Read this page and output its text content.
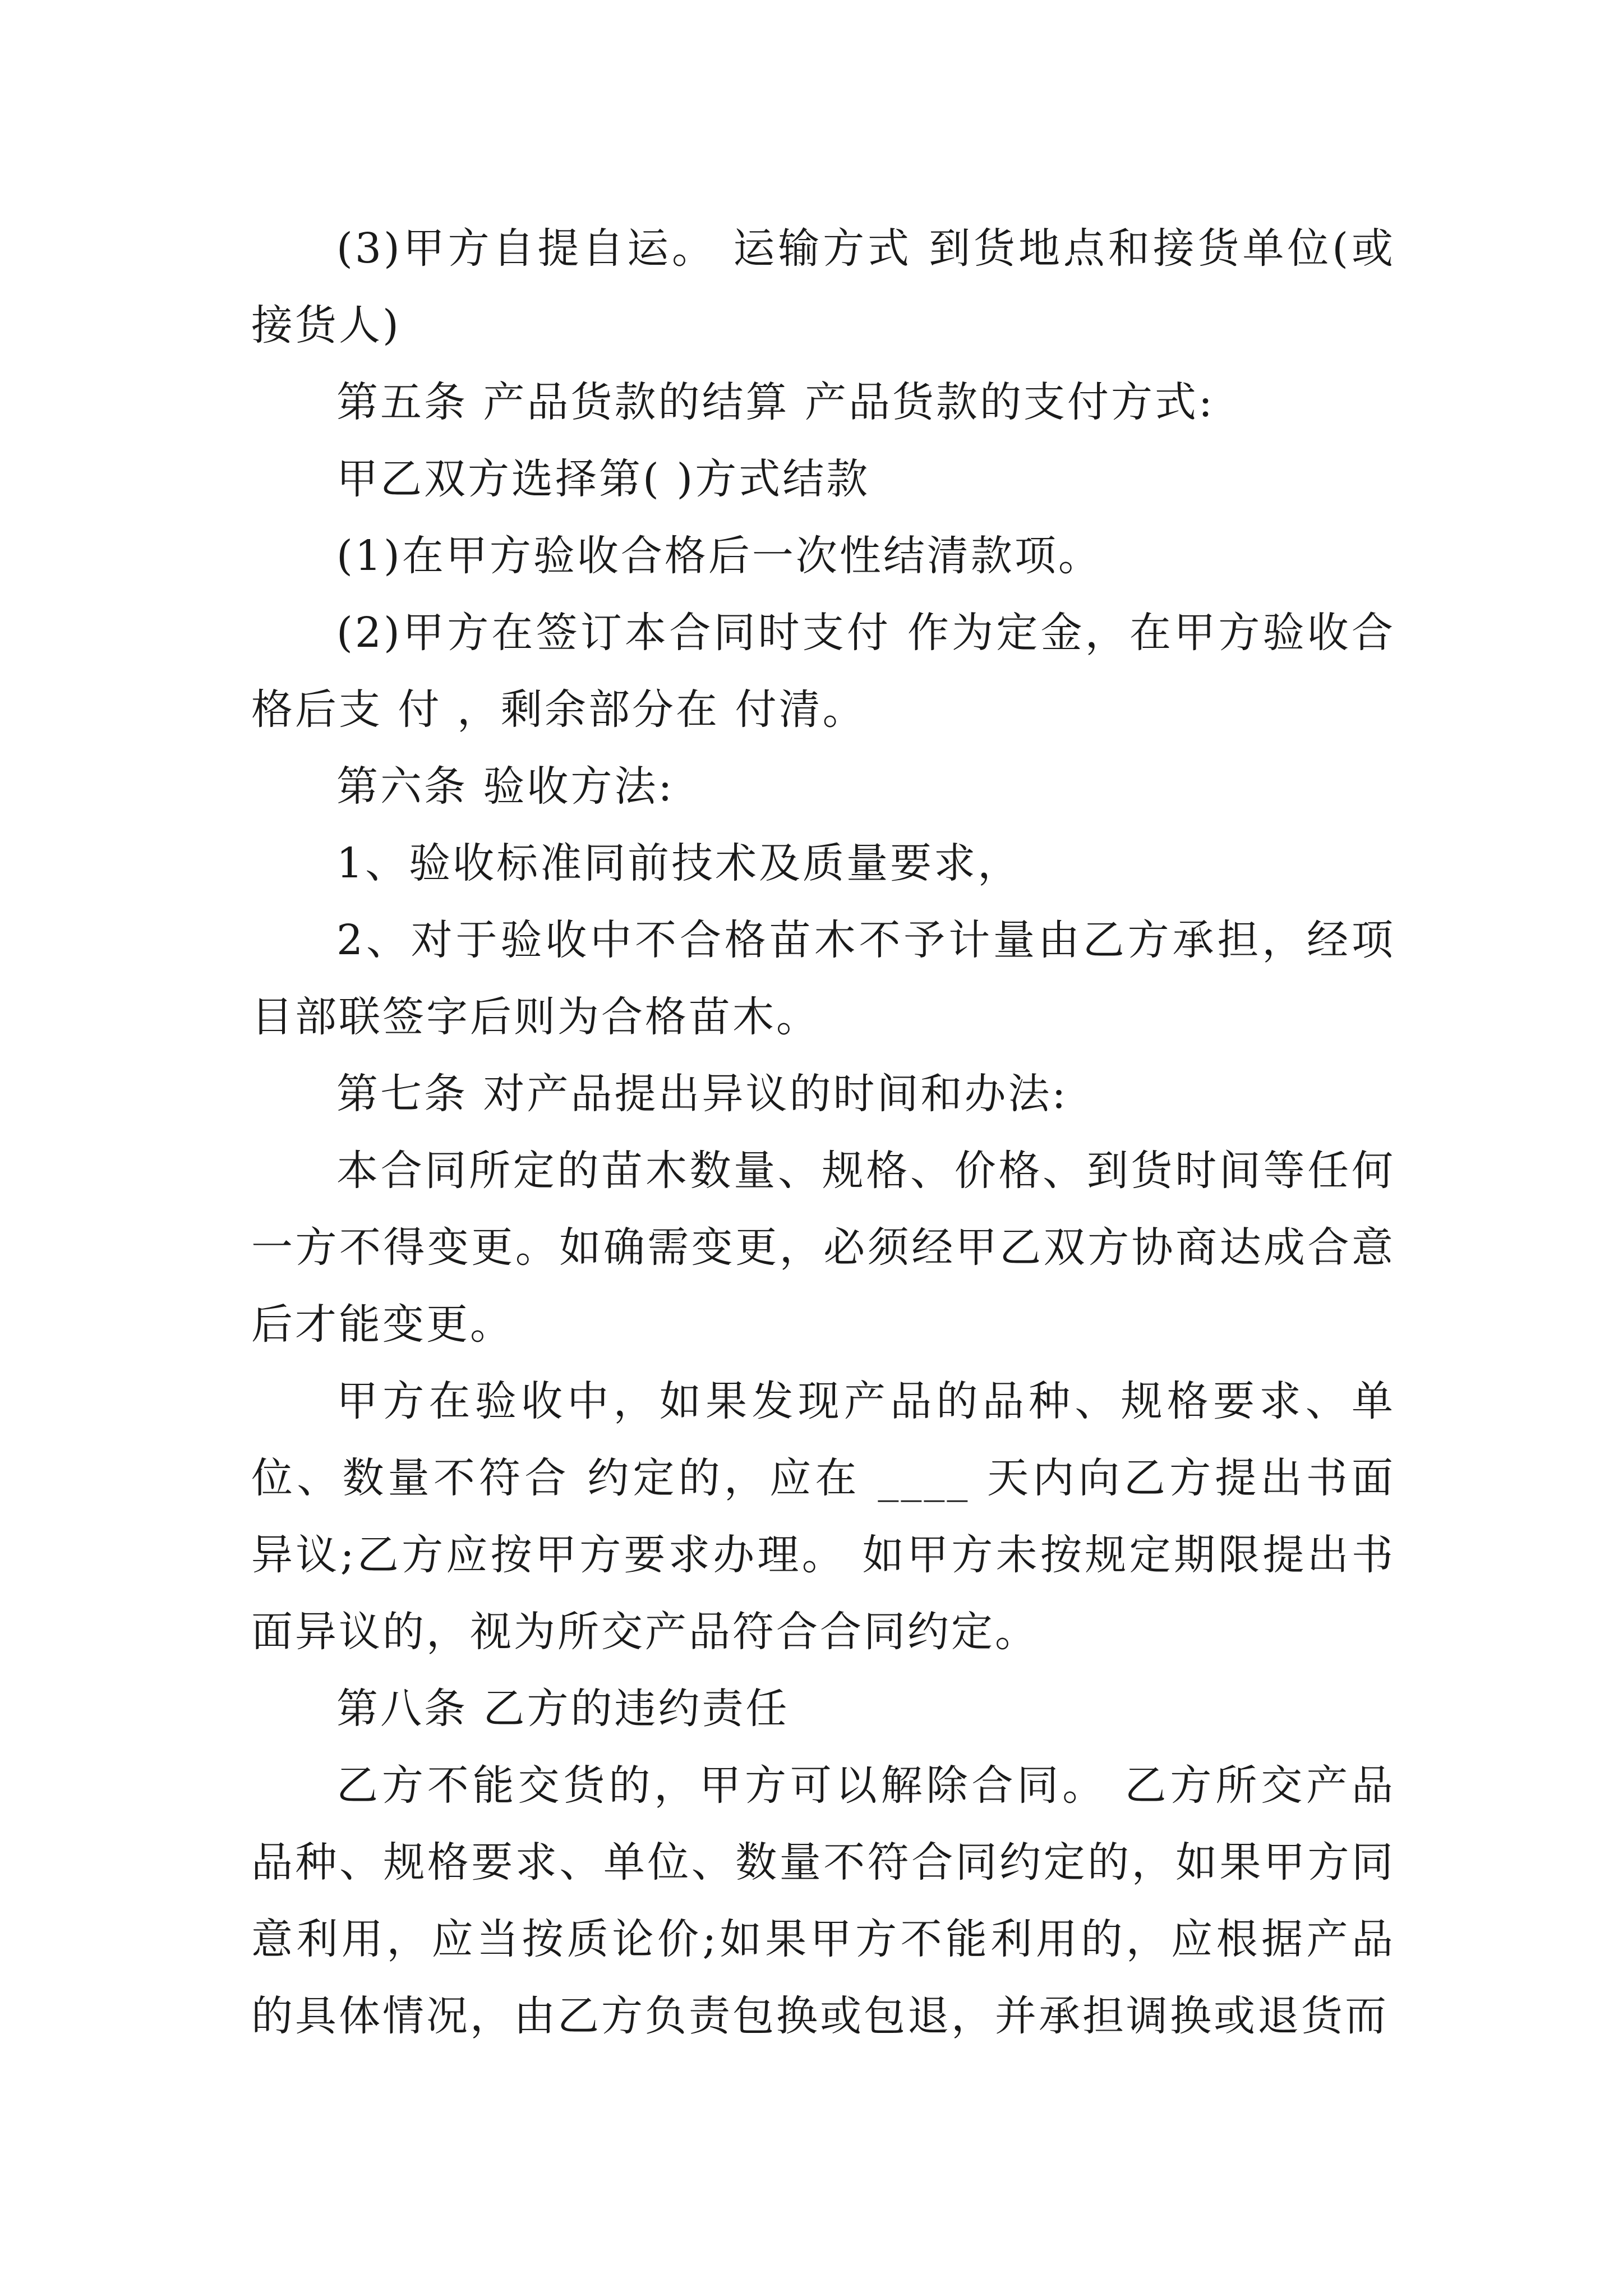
(3)甲方自提自运。 运输方式 到货地点和接货单位(或接货人)

第五条 产品货款的结算 产品货款的支付方式:

甲乙双方选择第( )方式结款

(1)在甲方验收合格后一次性结清款项。

(2)甲方在签订本合同时支付 作为定金，在甲方验收合格后支 付 ，剩余部分在 付清。

第六条 验收方法:

1、验收标准同前技术及质量要求，

2、对于验收中不合格苗木不予计量由乙方承担，经项目部联签字后则为合格苗木。

第七条 对产品提出异议的时间和办法:

本合同所定的苗木数量、规格、价格、到货时间等任何一方不得变更。如确需变更，必须经甲乙双方协商达成合意后才能变更。

甲方在验收中，如果发现产品的品种、规格要求、单位、数量不符合 约定的，应在 ____ 天内向乙方提出书面异议;乙方应按甲方要求办理。 如甲方未按规定期限提出书面异议的，视为所交产品符合合同约定。

第八条 乙方的违约责任

乙方不能交货的，甲方可以解除合同。 乙方所交产品品种、规格要求、单位、数量不符合同约定的，如果甲方同意利用，应当按质论价;如果甲方不能利用的，应根据产品的具体情况，由乙方负责包换或包退，并承担调换或退货而
